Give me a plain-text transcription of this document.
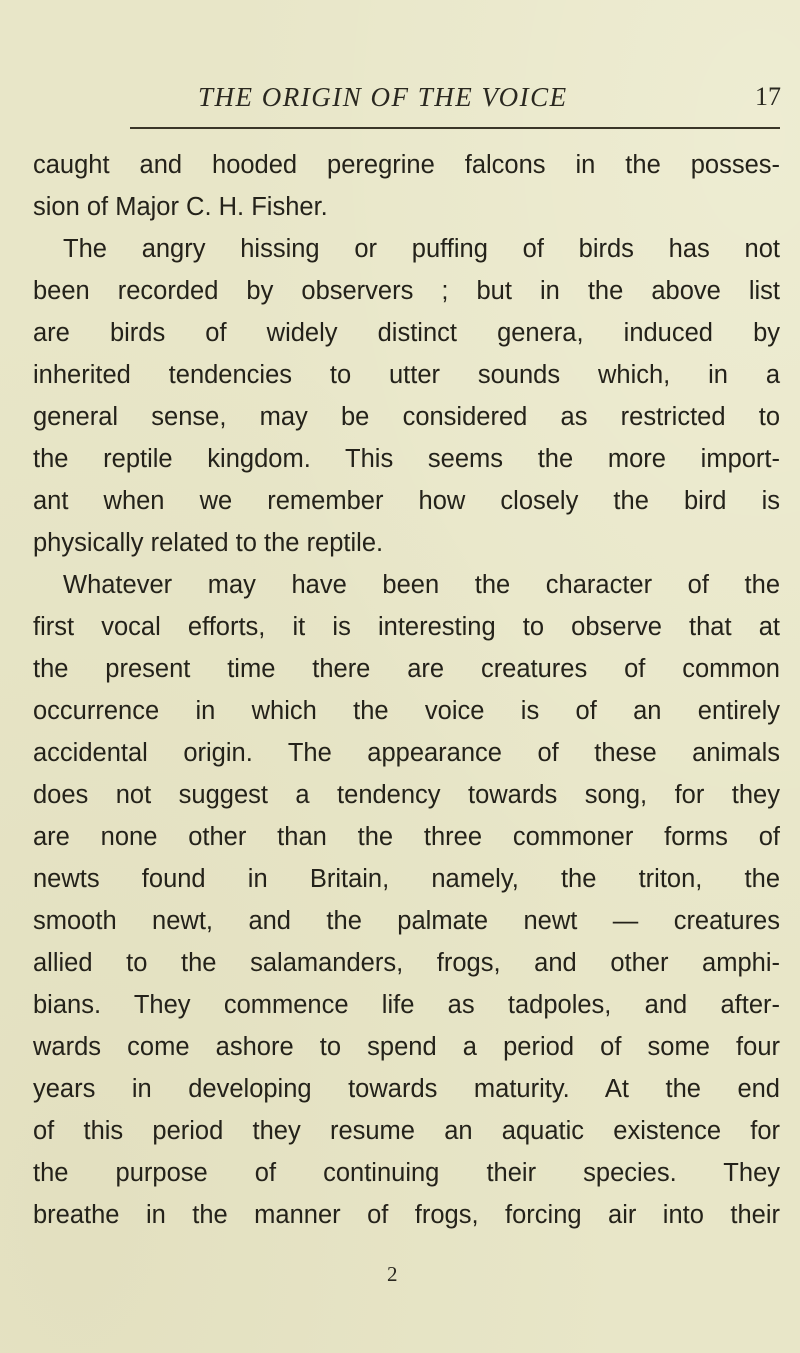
THE ORIGIN OF THE VOICE	17
caught and hooded peregrine falcons in the posses-
sion of Major C. H. Fisher.
The angry hissing or puffing of birds has not
been recorded by observers ; but in the above list
are birds of widely distinct genera, induced by
inherited tendencies to utter sounds which, in a
general sense, may be considered as restricted to
the reptile kingdom. This seems the more import-
ant when we remember how closely the bird is
physically related to the reptile.
Whatever may have been the character of the
first vocal efforts, it is interesting to observe that at
the present time there are creatures of common
occurrence in which the voice is of an entirely
accidental origin. The appearance of these animals
does not suggest a tendency towards song, for they
are none other than the three commoner forms of
newts found in Britain, namely, the triton, the
smooth newt, and the palmate newt — creatures
allied to the salamanders, frogs, and other amphi-
bians. They commence life as tadpoles, and after-
wards come ashore to spend a period of some four
years in developing towards maturity. At the end
of this period they resume an aquatic existence for
the purpose of continuing their species. They
breathe in the manner of frogs, forcing air into their
2
